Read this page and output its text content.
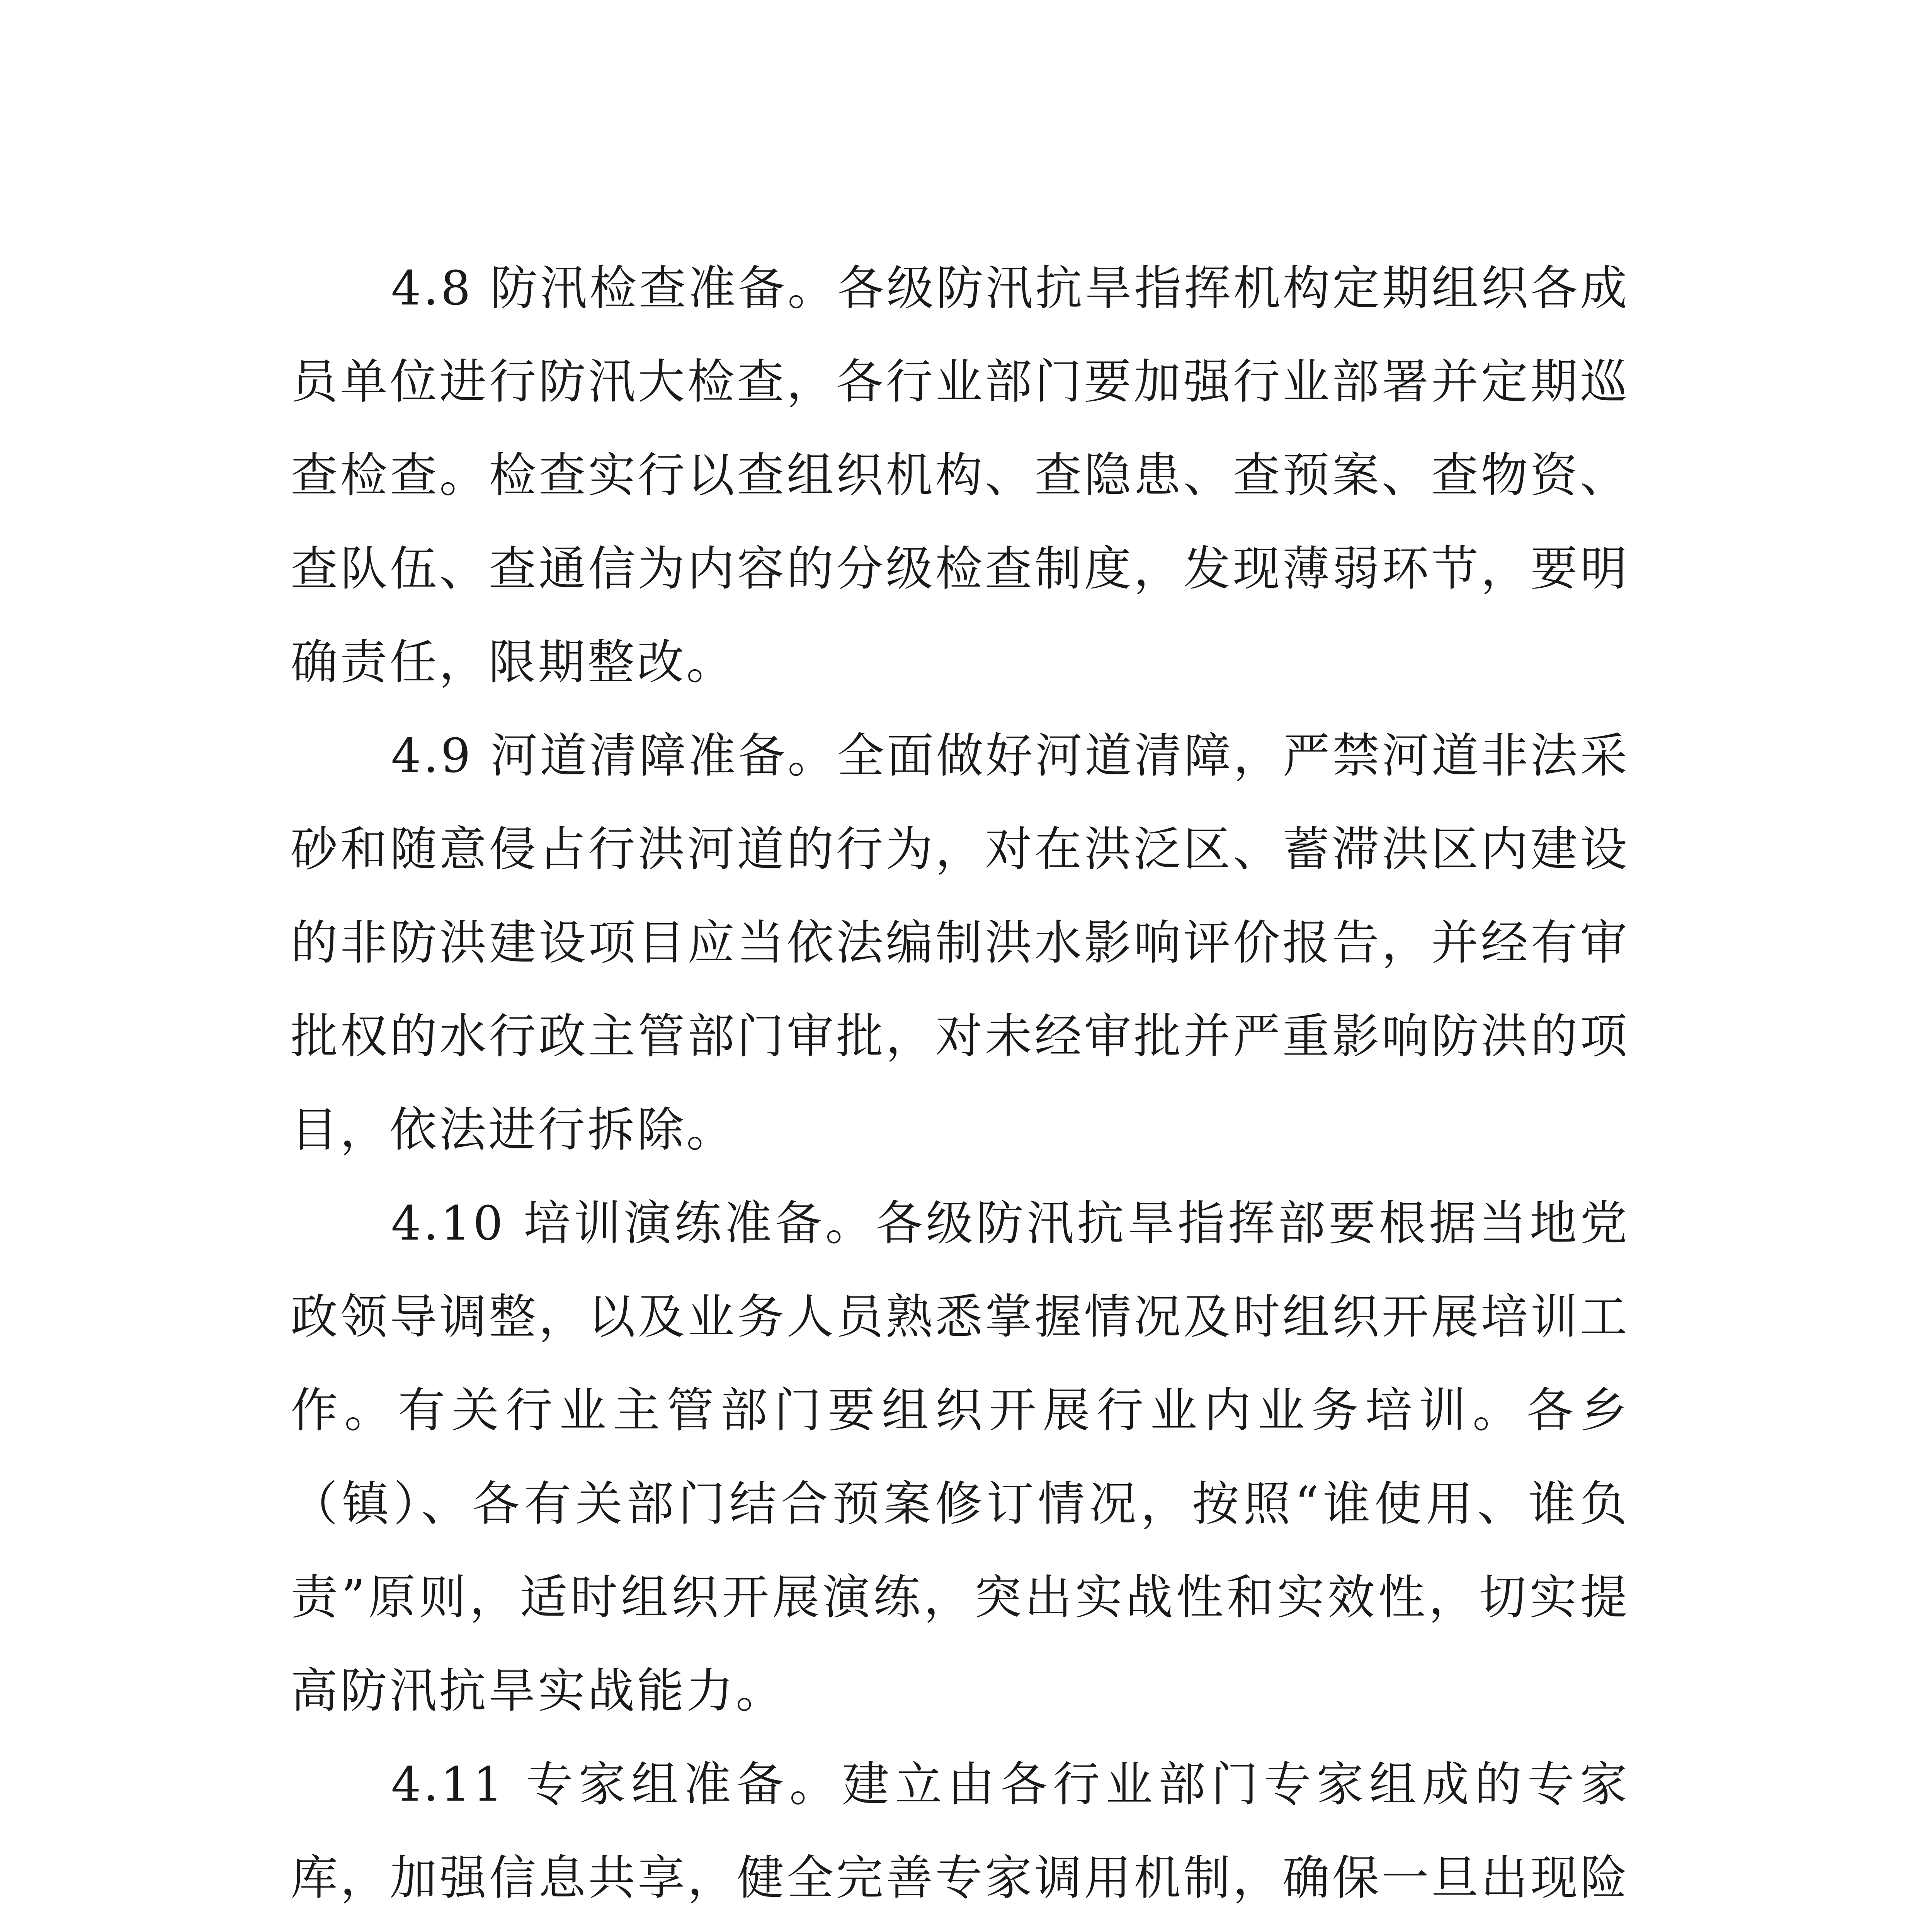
4.8 防汛检查准备。各级防汛抗旱指挥机构定期组织各成员单位进行防汛大检查，各行业部门要加强行业部署并定期巡查检查。检查实行以查组织机构、查隐患、查预案、查物资、查队伍、查通信为内容的分级检查制度，发现薄弱环节，要明确责任，限期整改。

4.9 河道清障准备。全面做好河道清障，严禁河道非法采砂和随意侵占行洪河道的行为，对在洪泛区、蓄滞洪区内建设的非防洪建设项目应当依法编制洪水影响评价报告，并经有审批权的水行政主管部门审批，对未经审批并严重影响防洪的项目，依法进行拆除。

4.10 培训演练准备。各级防汛抗旱指挥部要根据当地党政领导调整，以及业务人员熟悉掌握情况及时组织开展培训工作。有关行业主管部门要组织开展行业内业务培训。各乡（镇）、各有关部门结合预案修订情况，按照“谁使用、谁负责”原则，适时组织开展演练，突出实战性和实效性，切实提高防汛抗旱实战能力。

4.11 专家组准备。建立由各行业部门专家组成的专家库，加强信息共享，健全完善专家调用机制，确保一旦出现险
